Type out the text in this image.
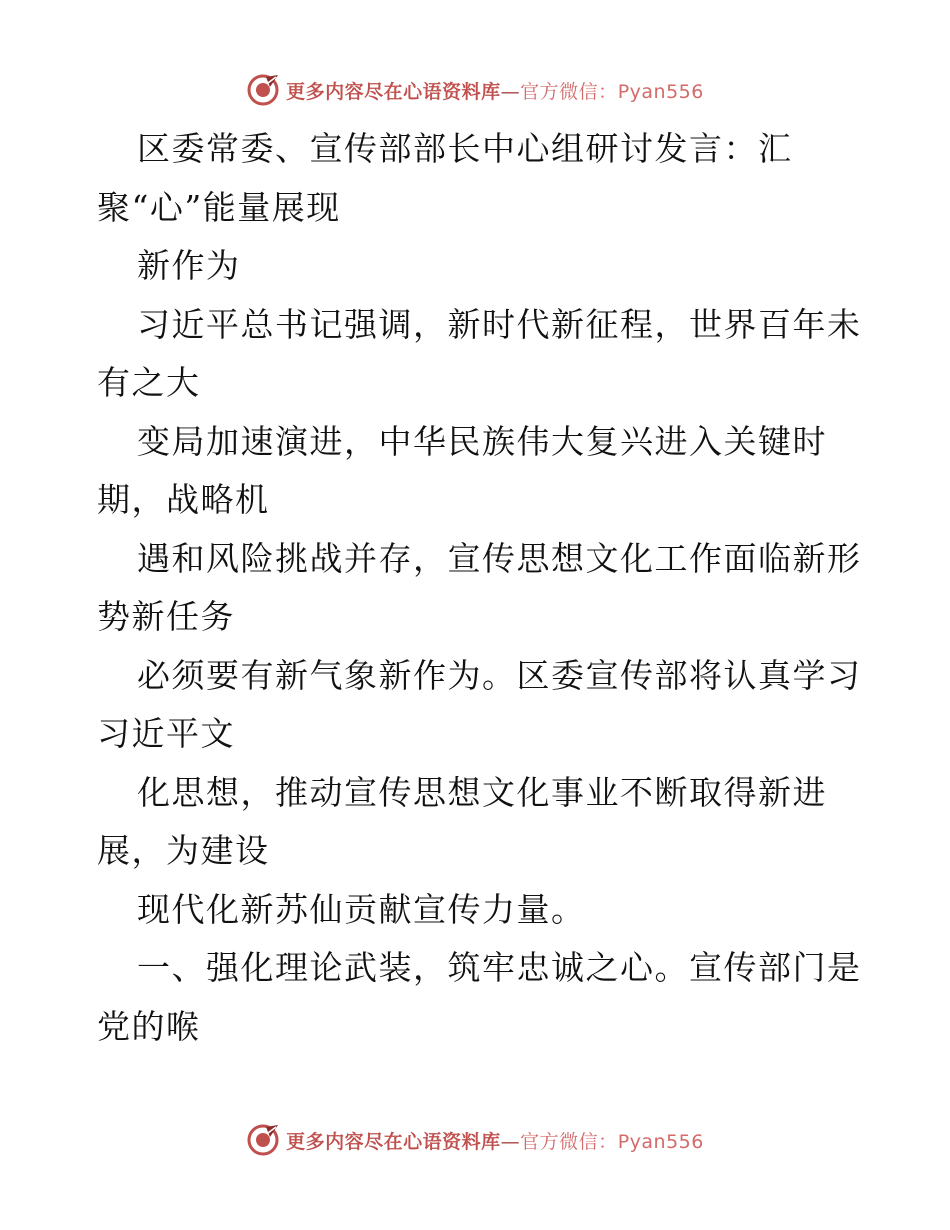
更多内容尽在心语资料库—官方微信：Pyan556
区委常委、宣传部部长中心组研讨发言：汇
聚“心”能量展现
新作为
习近平总书记强调，新时代新征程，世界百年未
有之大
变局加速演进，中华民族伟大复兴进入关键时
期，战略机
遇和风险挑战并存，宣传思想文化工作面临新形
势新任务
必须要有新气象新作为。区委宣传部将认真学习
习近平文
化思想，推动宣传思想文化事业不断取得新进
展，为建设
现代化新苏仙贡献宣传力量。
一、强化理论武装，筑牢忠诚之心。宣传部门是
党的喉
更多内容尽在心语资料库—官方微信：Pyan556
